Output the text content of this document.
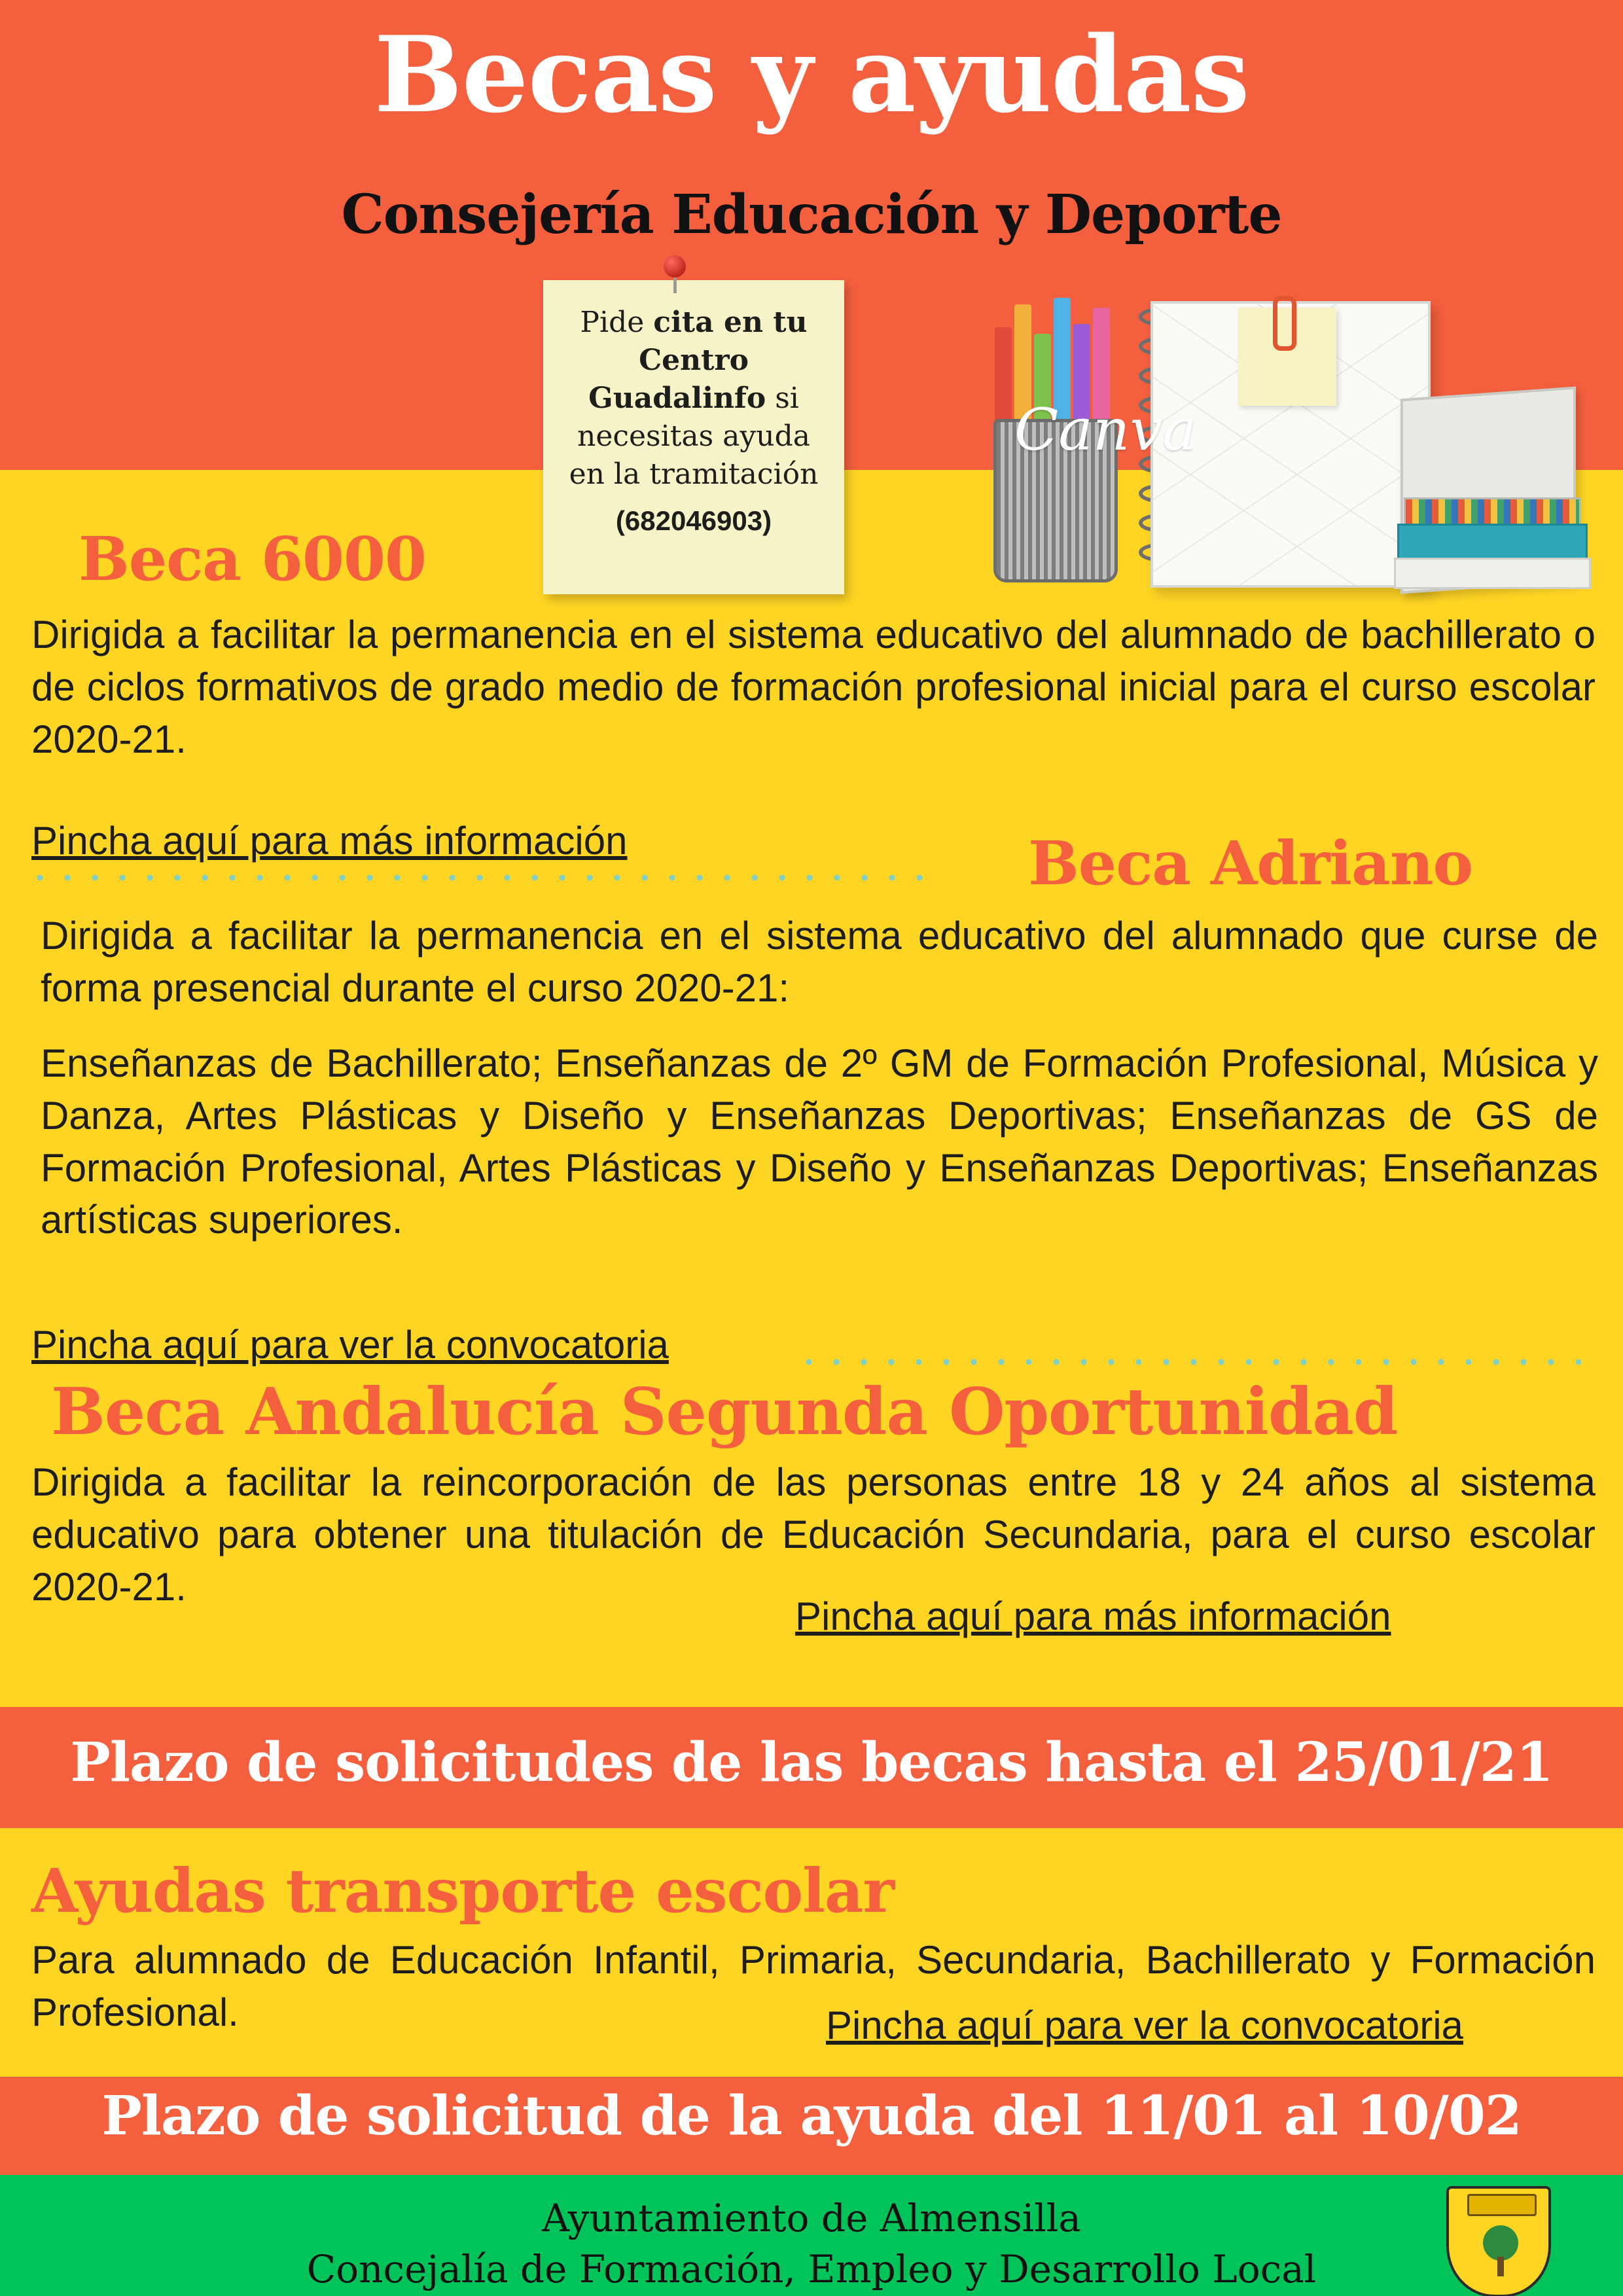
Becas y ayudas
Consejería Educación y Deporte
Pide cita en tu Centro Guadalinfo si necesitas ayuda en la tramitación
(682046903)
Canva
Beca 6000
Dirigida a facilitar la permanencia en el sistema educativo del alumnado de bachillerato o de ciclos formativos de grado medio de formación profesional inicial para el curso escolar 2020-21.
Pincha aquí para más información	Beca Adriano
Dirigida a facilitar la permanencia en el sistema educativo del alumnado que curse de forma presencial durante el curso 2020-21:
Enseñanzas de Bachillerato; Enseñanzas de 2º GM de Formación Profesional, Música y Danza, Artes Plásticas y Diseño y Enseñanzas Deportivas; Enseñanzas de GS de Formación Profesional, Artes Plásticas y Diseño y Enseñanzas Deportivas; Enseñanzas artísticas superiores.
Pincha aquí para ver la convocatoria
Beca Andalucía Segunda Oportunidad
Dirigida a facilitar la reincorporación de las personas entre 18 y 24 años al sistema educativo para obtener una titulación de Educación Secundaria, para el curso escolar 2020-21.
Pincha aquí para más información
Plazo de solicitudes de las becas hasta el 25/01/21
Ayudas transporte escolar
Para alumnado de Educación Infantil, Primaria, Secundaria, Bachillerato y Formación Profesional.	Pincha aquí para ver la convocatoria
Plazo de solicitud de la ayuda del 11/01 al 10/02
Ayuntamiento de Almensilla
Concejalía de Formación, Empleo y Desarrollo Local
